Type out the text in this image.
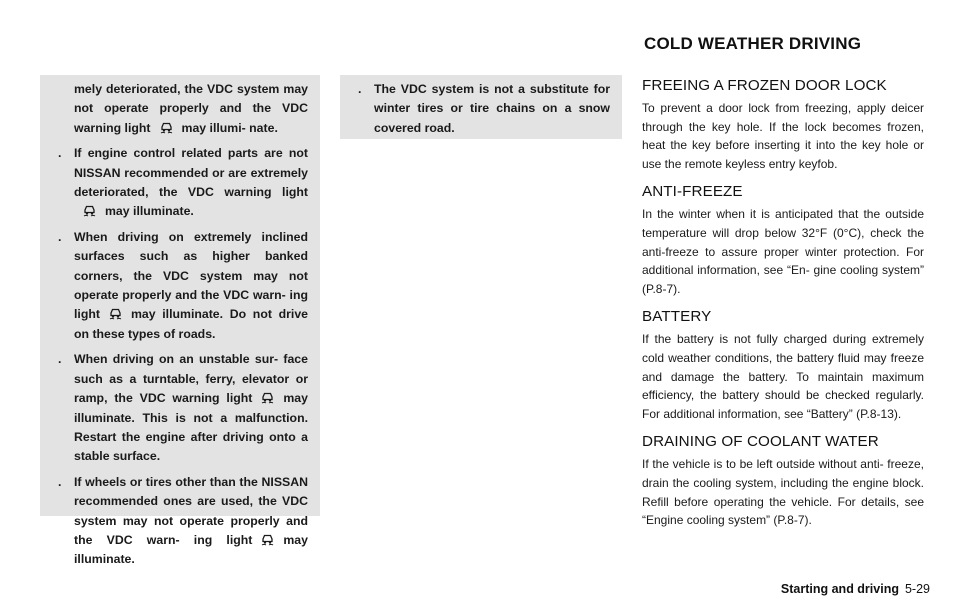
COLD WEATHER DRIVING

mely deteriorated, the VDC system may not operate properly and the VDC warning light	may illumi- nate.

. If engine control related parts are not NISSAN recommended or are extremely deteriorated, the VDC warning lightmay illuminate.

. When driving on extremely inclined surfaces such as higher banked corners, the VDC system may not operate properly and the VDC warn- ing light	may illuminate. Do not drive on these types of roads.

. When driving on an unstable sur- face such as a turntable, ferry, elevator or ramp, the VDC warning light	may illuminate. This is not a malfunction. Restart the engine after driving onto a stable surface.

. If wheels or tires other than the NISSAN recommended ones are used, the VDC system may not operate properly and the VDC warn- ing light	may illuminate.

. The VDC system is not a substitute for winter tires or tire chains on a snow covered road.

FREEING A FROZEN DOOR LOCK

To prevent a door lock from freezing, apply deicer through the key hole. If the lock becomes frozen, heat the key before inserting it into the key hole or use the remote keyless entry keyfob.

ANTI-FREEZE

In the winter when it is anticipated that the outside temperature will drop below 32°F (0°C), check the anti-freeze to assure proper winter protection. For additional information, see “En- gine cooling system” (P.8-7).

BATTERY

If the battery is not fully charged during extremely cold weather conditions, the battery fluid may freeze and damage the battery. To maintain maximum efficiency, the battery should be checked regularly. For additional information, see “Battery” (P.8-13).

DRAINING OF COOLANT WATER

If the vehicle is to be left outside without anti- freeze, drain the cooling system, including the engine block. Refill before operating the vehicle. For details, see “Engine cooling system” (P.8-7).

Starting and driving 5-29
